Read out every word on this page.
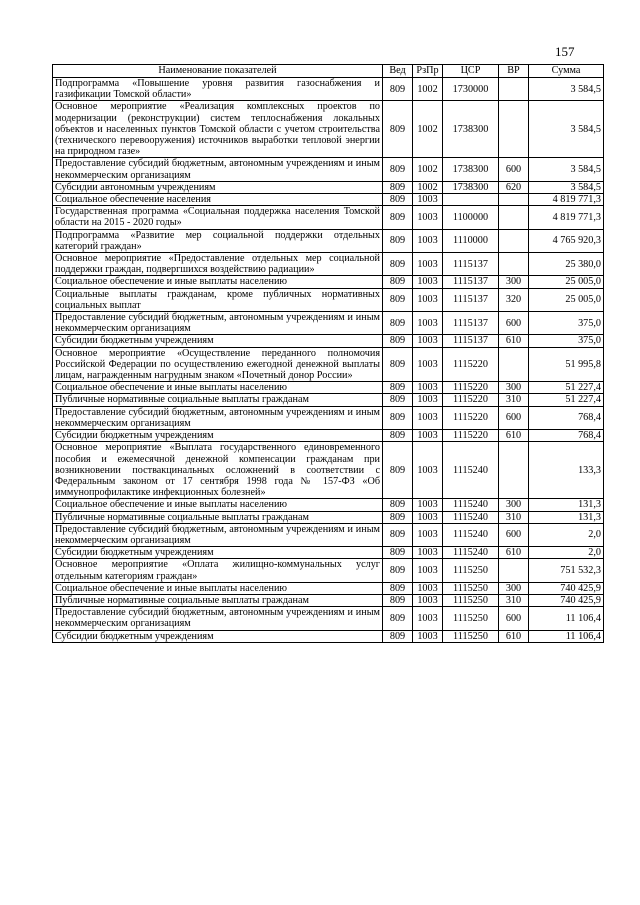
157
Наименование показателей	Вед	РзПр	ЦСР	ВР	Сумма
Подпрограмма «Повышение уровня развития газоснабжения и газификации Томской области»	809	1002	1730000		3 584,5
Основное мероприятие «Реализация комплексных проектов по модернизации (реконструкции) систем теплоснабжения локальных объектов и населенных пунктов Томской области с учетом строительства (технического перевооружения) источников выработки тепловой энергии на природном газе»	809	1002	1738300		3 584,5
Предоставление субсидий бюджетным, автономным учреждениям и иным некоммерческим организациям	809	1002	1738300	600	3 584,5
Субсидии автономным учреждениям	809	1002	1738300	620	3 584,5
Социальное обеспечение населения	809	1003			4 819 771,3
Государственная программа «Социальная поддержка населения Томской области на 2015 - 2020 годы»	809	1003	1100000		4 819 771,3
Подпрограмма «Развитие мер социальной поддержки отдельных категорий граждан»	809	1003	1110000		4 765 920,3
Основное мероприятие «Предоставление отдельных мер социальной поддержки граждан, подвергшихся воздействию радиации»	809	1003	1115137		25 380,0
Социальное обеспечение и иные выплаты населению	809	1003	1115137	300	25 005,0
Социальные выплаты гражданам, кроме публичных нормативных социальных выплат	809	1003	1115137	320	25 005,0
Предоставление субсидий бюджетным, автономным учреждениям и иным некоммерческим организациям	809	1003	1115137	600	375,0
Субсидии бюджетным учреждениям	809	1003	1115137	610	375,0
Основное мероприятие «Осуществление переданного полномочия Российской Федерации по осуществлению ежегодной денежной выплаты лицам, награжденным нагрудным знаком «Почетный донор России»	809	1003	1115220		51 995,8
Социальное обеспечение и иные выплаты населению	809	1003	1115220	300	51 227,4
Публичные нормативные социальные выплаты гражданам	809	1003	1115220	310	51 227,4
Предоставление субсидий бюджетным, автономным учреждениям и иным некоммерческим организациям	809	1003	1115220	600	768,4
Субсидии бюджетным учреждениям	809	1003	1115220	610	768,4
Основное мероприятие «Выплата государственного единовременного пособия и ежемесячной денежной компенсации гражданам при возникновении поствакцинальных осложнений в соответствии с Федеральным законом от 17 сентября 1998 года № 157-ФЗ «Об иммунопрофилактике инфекционных болезней»	809	1003	1115240		133,3
Социальное обеспечение и иные выплаты населению	809	1003	1115240	300	131,3
Публичные нормативные социальные выплаты гражданам	809	1003	1115240	310	131,3
Предоставление субсидий бюджетным, автономным учреждениям и иным некоммерческим организациям	809	1003	1115240	600	2,0
Субсидии бюджетным учреждениям	809	1003	1115240	610	2,0
Основное мероприятие «Оплата жилищно-коммунальных услуг отдельным категориям граждан»	809	1003	1115250		751 532,3
Социальное обеспечение и иные выплаты населению	809	1003	1115250	300	740 425,9
Публичные нормативные социальные выплаты гражданам	809	1003	1115250	310	740 425,9
Предоставление субсидий бюджетным, автономным учреждениям и иным некоммерческим организациям	809	1003	1115250	600	11 106,4
Субсидии бюджетным учреждениям	809	1003	1115250	610	11 106,4
